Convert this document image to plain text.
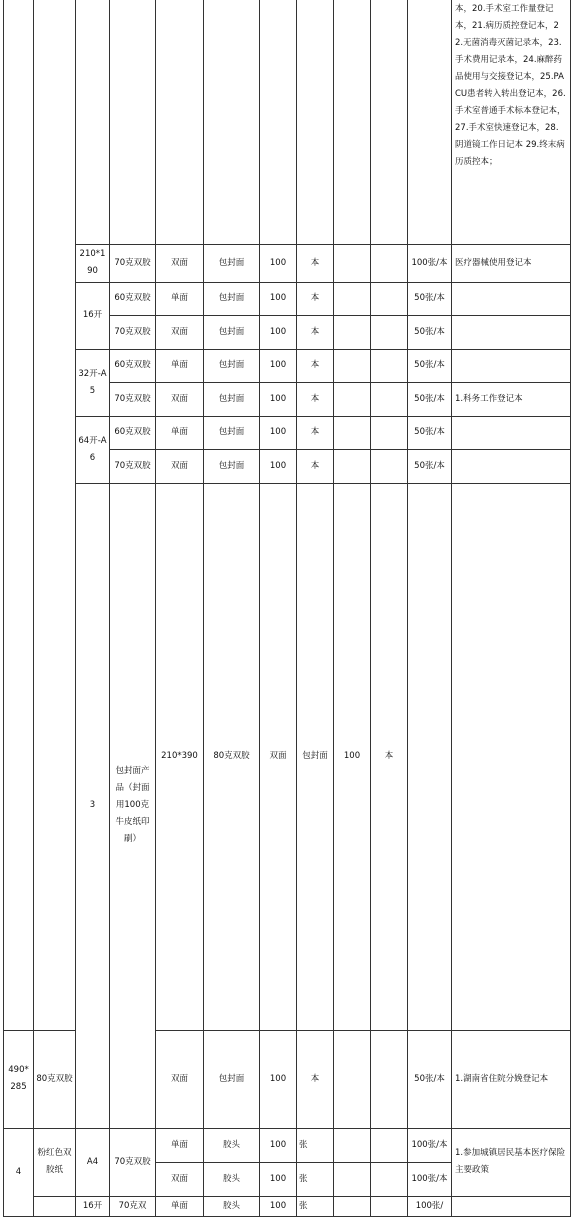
											本，20.手术室工作量登记本，21.病历质控登记本，22.无菌消毒灭菌记录本，23.手术费用记录本，24.麻醉药品使用与交接登记本，25.PACU患者转入转出登记本，26.手术室普通手术标本登记本，27.手术室快速登记本，28.阴道镜工作日记本 29.终末病历质控本；	
		210*190	70克双胶	双面	包封面	100	本			100张/本	医疗器械使用登记本	
		16开	60克双胶	单面	包封面	100	本			50张/本		
			70克双胶	双面	包封面	100	本			50张/本		
		32开-A5	60克双胶	单面	包封面	100	本			50张/本		
			70克双胶	双面	包封面	100	本			50张/本	1.科务工作登记本	
		64开-A6	60克双胶	单面	包封面	100	本			50张/本		
			70克双胶	双面	包封面	100	本			50张/本		
		3	包封面产品（封面用100克牛皮纸印刷）	210*390	80克双胶	双面	包封面	100	本				
490*285	80克双胶			双面	包封面	100	本			50张/本	1.湖南省住院分娩登记本	
4	粉红色双胶纸	A4	70克双胶	单面	胶头	100	张			100张/本	1.参加城镇居民基本医疗保险主要政策	
				双面	胶头	100	张			100张/本		
		16开	70克双	单面	胶头	100	张			100张/		
